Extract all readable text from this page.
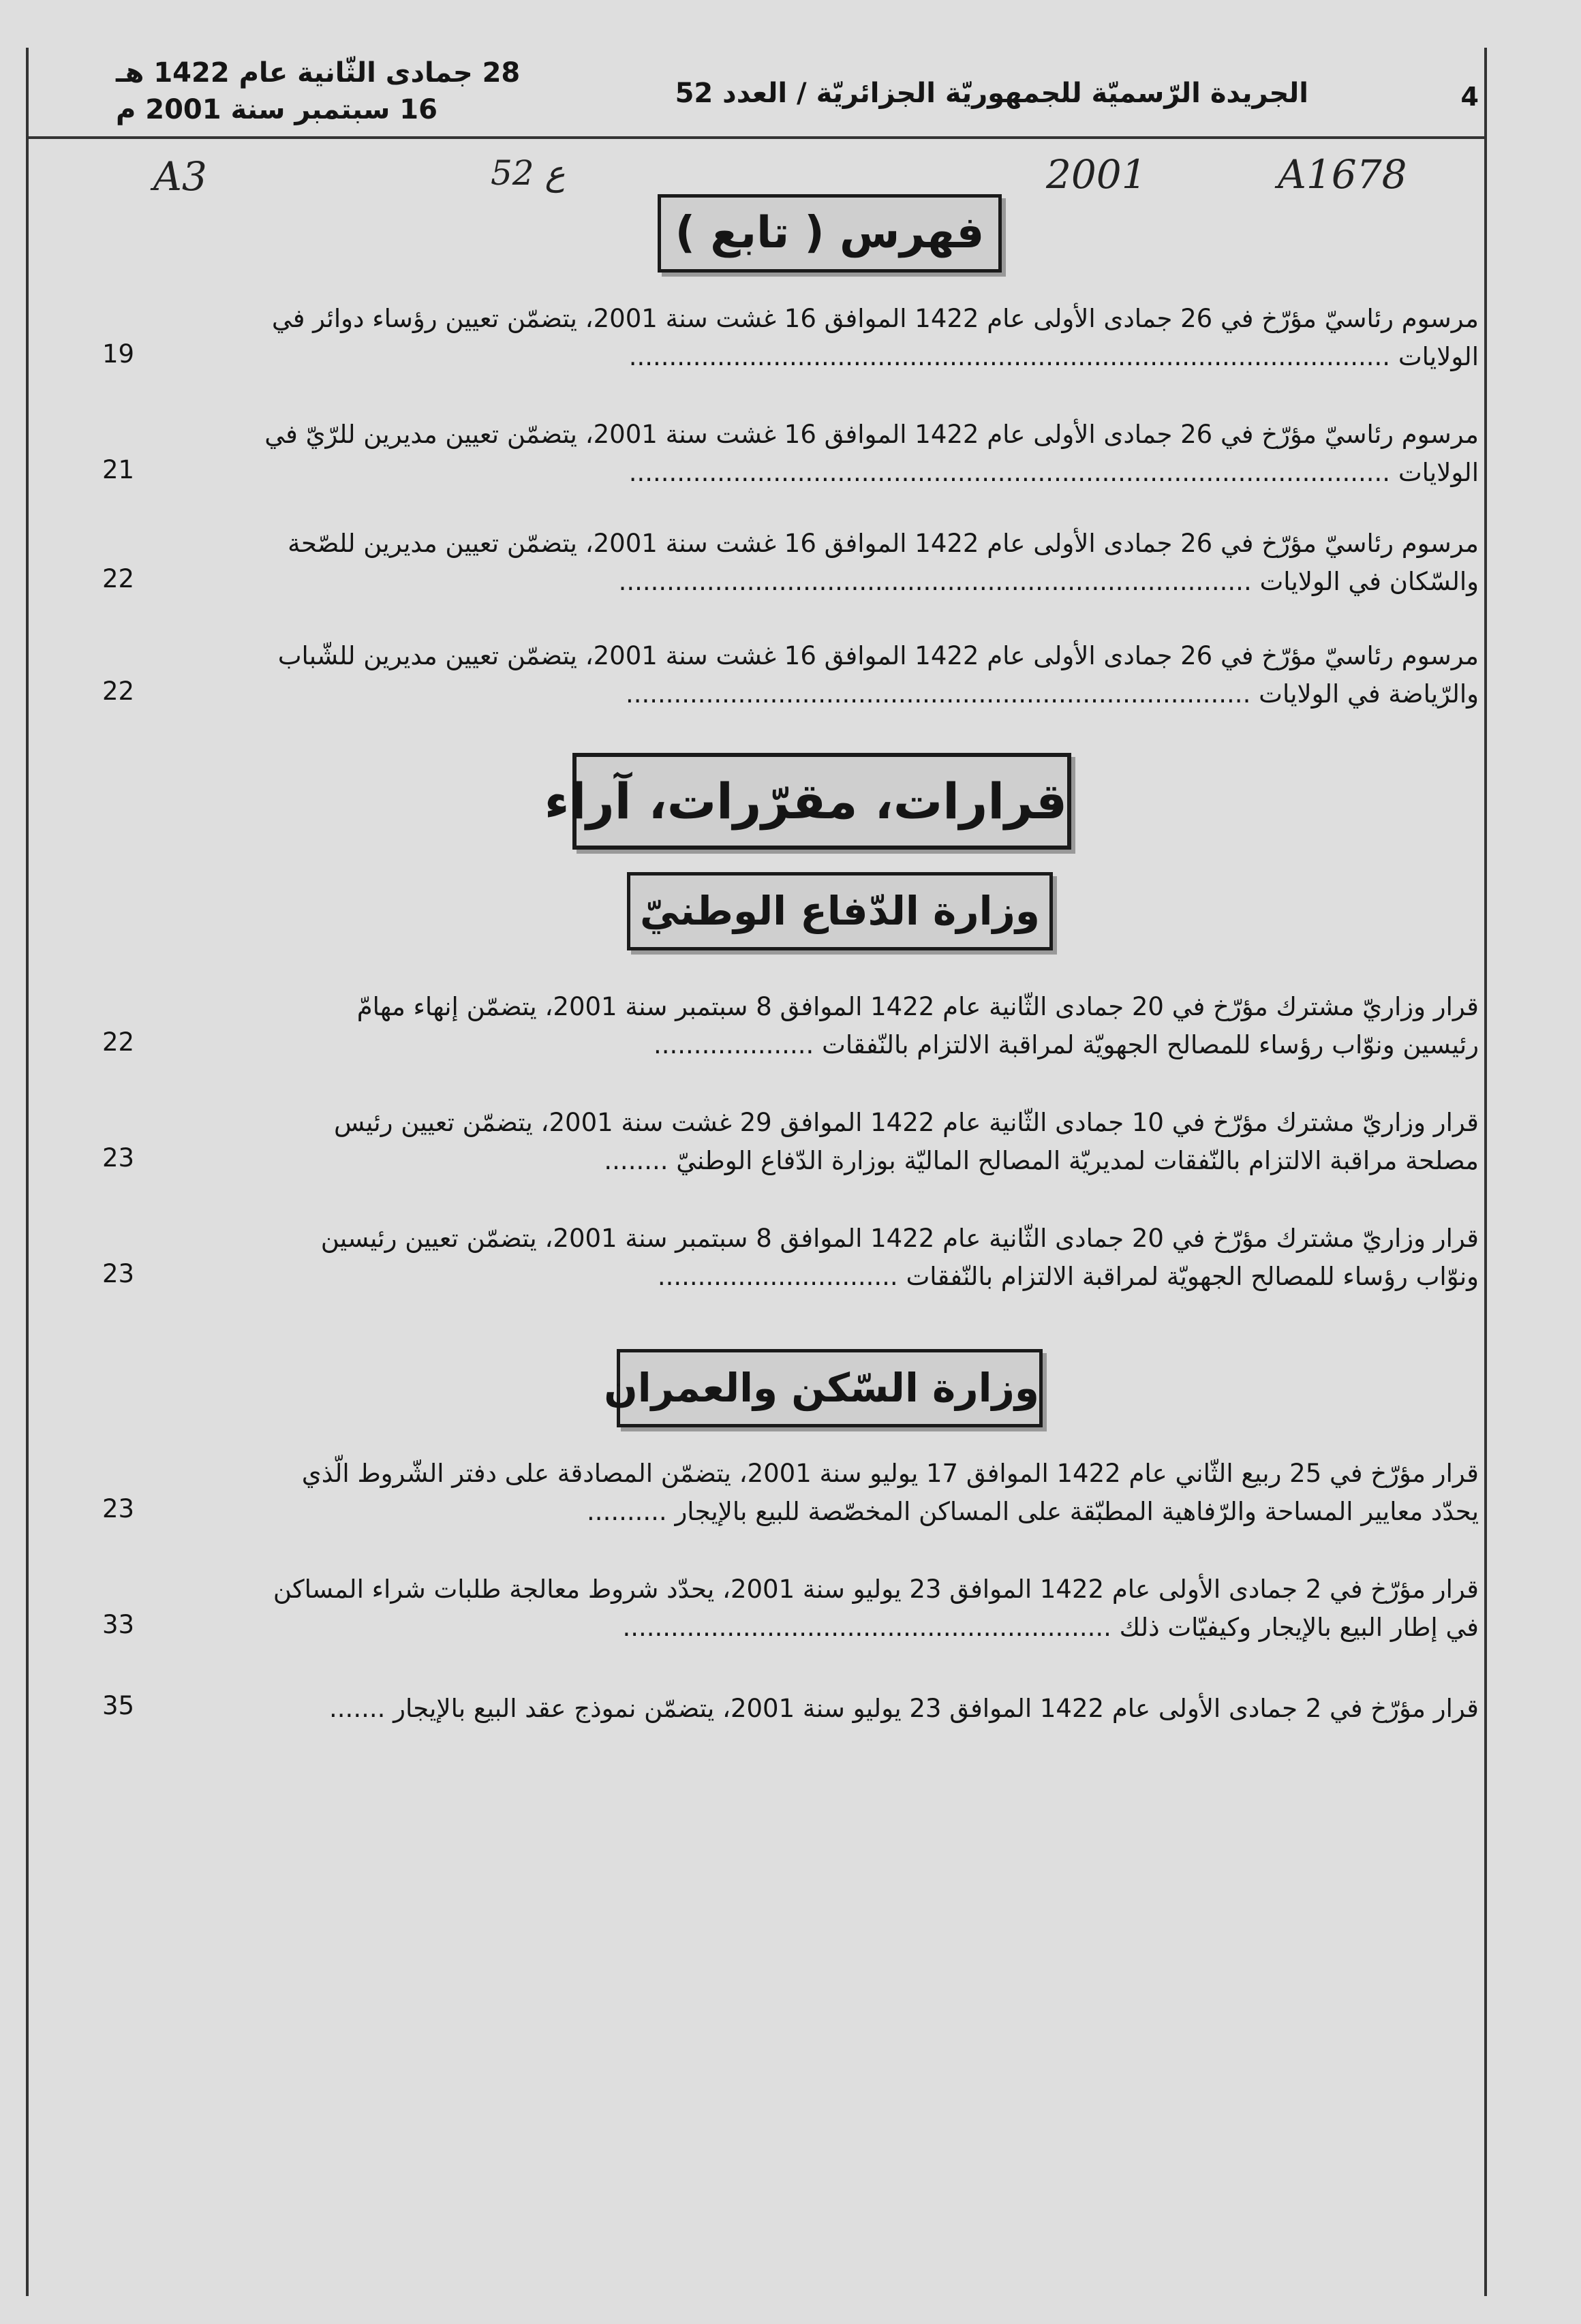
4
الجريدة الرّسميّة للجمهوريّة الجزائريّة / العدد 52
28 جمادى الثّانية عام 1422 هـ
16 سبتمبر سنة 2001 م
A3	52 ع	2001	A1678
فهرس ( تابع )
مرسوم رئاسيّ مؤرّخ في 26 جمادى الأولى عام 1422 الموافق 16 غشت سنة 2001، يتضمّن تعيين رؤساء دوائر في
الولايات ...............................................................................................
19
مرسوم رئاسيّ مؤرّخ في 26 جمادى الأولى عام 1422 الموافق 16 غشت سنة 2001، يتضمّن تعيين مديرين للرّيّ في
الولايات ...............................................................................................
21
مرسوم رئاسيّ مؤرّخ في 26 جمادى الأولى عام 1422 الموافق 16 غشت سنة 2001، يتضمّن تعيين مديرين للصّحة
والسّكان في الولايات ...............................................................................
22
مرسوم رئاسيّ مؤرّخ في 26 جمادى الأولى عام 1422 الموافق 16 غشت سنة 2001، يتضمّن تعيين مديرين للشّباب
والرّياضة في الولايات ..............................................................................
22
قرارات، مقرّرات، آراء
وزارة الدّفاع الوطنيّ
قرار وزاريّ مشترك مؤرّخ في 20 جمادى الثّانية عام 1422 الموافق 8 سبتمبر سنة 2001، يتضمّن إنهاء مهامّ
رئيسين ونوّاب رؤساء للمصالح الجهويّة لمراقبة الالتزام بالنّفقات ....................
22
قرار وزاريّ مشترك مؤرّخ في 10 جمادى الثّانية عام 1422 الموافق 29 غشت سنة 2001، يتضمّن تعيين رئيس
مصلحة مراقبة الالتزام بالنّفقات لمديريّة المصالح الماليّة بوزارة الدّفاع الوطنيّ ........
23
قرار وزاريّ مشترك مؤرّخ في 20 جمادى الثّانية عام 1422 الموافق 8 سبتمبر سنة 2001، يتضمّن تعيين رئيسين
ونوّاب رؤساء للمصالح الجهويّة لمراقبة الالتزام بالنّفقات ..............................
23
وزارة السّكن والعمران
قرار مؤرّخ في 25 ربيع الثّاني عام 1422 الموافق 17 يوليو سنة 2001، يتضمّن المصادقة على دفتر الشّروط الّذي
يحدّد معايير المساحة والرّفاهية المطبّقة على المساكن المخصّصة للبيع بالإيجار ..........
23
قرار مؤرّخ في 2 جمادى الأولى عام 1422 الموافق 23 يوليو سنة 2001، يحدّد شروط معالجة طلبات شراء المساكن
في إطار البيع بالإيجار وكيفيّات ذلك .............................................................
33
قرار مؤرّخ في 2 جمادى الأولى عام 1422 الموافق 23 يوليو سنة 2001، يتضمّن نموذج عقد البيع بالإيجار .......
35
